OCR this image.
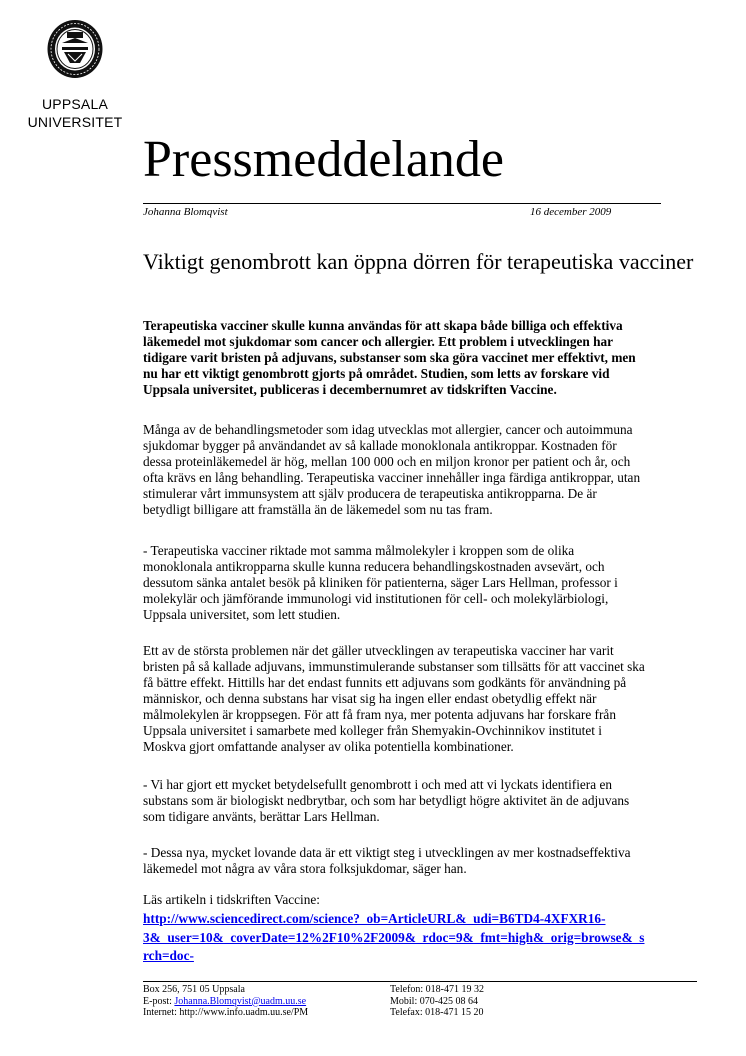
UPPSALA
UNIVERSITET
Pressmeddelande
Johanna Blomqvist	16 december 2009
Viktigt genombrott kan öppna dörren för terapeutiska vacciner
Terapeutiska vacciner skulle kunna användas för att skapa både billiga och effektiva
läkemedel mot sjukdomar som cancer och allergier. Ett problem i utvecklingen har
tidigare varit bristen på adjuvans, substanser som ska göra vaccinet mer effektivt, men
nu har ett viktigt genombrott gjorts på området. Studien, som letts av forskare vid
Uppsala universitet, publiceras i decembernumret av tidskriften Vaccine.
Många av de behandlingsmetoder som idag utvecklas mot allergier, cancer och autoimmuna
sjukdomar bygger på användandet av så kallade monoklonala antikroppar. Kostnaden för
dessa proteinläkemedel är hög, mellan 100 000 och en miljon kronor per patient och år, och
ofta krävs en lång behandling. Terapeutiska vacciner innehåller inga färdiga antikroppar, utan
stimulerar vårt immunsystem att själv producera de terapeutiska antikropparna. De är
betydligt billigare att framställa än de läkemedel som nu tas fram.
- Terapeutiska vacciner riktade mot samma målmolekyler i kroppen som de olika
monoklonala antikropparna skulle kunna reducera behandlingskostnaden avsevärt, och
dessutom sänka antalet besök på kliniken för patienterna, säger Lars Hellman, professor i
molekylär och jämförande immunologi vid institutionen för cell- och molekylärbiologi,
Uppsala universitet, som lett studien.
Ett av de största problemen när det gäller utvecklingen av terapeutiska vacciner har varit
bristen på så kallade adjuvans, immunstimulerande substanser som tillsätts för att vaccinet ska
få bättre effekt. Hittills har det endast funnits ett adjuvans som godkänts för användning på
människor, och denna substans har visat sig ha ingen eller endast obetydlig effekt när
målmolekylen är kroppsegen. För att få fram nya, mer potenta adjuvans har forskare från
Uppsala universitet i samarbete med kolleger från Shemyakin-Ovchinnikov institutet i
Moskva gjort omfattande analyser av olika potentiella kombinationer.
- Vi har gjort ett mycket betydelsefullt genombrott i och med att vi lyckats identifiera en
substans som är biologiskt nedbrytbar, och som har betydligt högre aktivitet än de adjuvans
som tidigare använts, berättar Lars Hellman.
- Dessa nya, mycket lovande data är ett viktigt steg i utvecklingen av mer kostnadseffektiva
läkemedel mot några av våra stora folksjukdomar, säger han.
Läs artikeln i tidskriften Vaccine:
http://www.sciencedirect.com/science?_ob=ArticleURL&_udi=B6TD4-4XFXR16-
3&_user=10&_coverDate=12%2F10%2F2009&_rdoc=9&_fmt=high&_orig=browse&_s
rch=doc-
Box 256, 751 05 Uppsala
E-post: Johanna.Blomqvist@uadm.uu.se
Internet: http://www.info.uadm.uu.se/PM
Telefon: 018-471 19 32
Mobil: 070-425 08 64
Telefax: 018-471 15 20
